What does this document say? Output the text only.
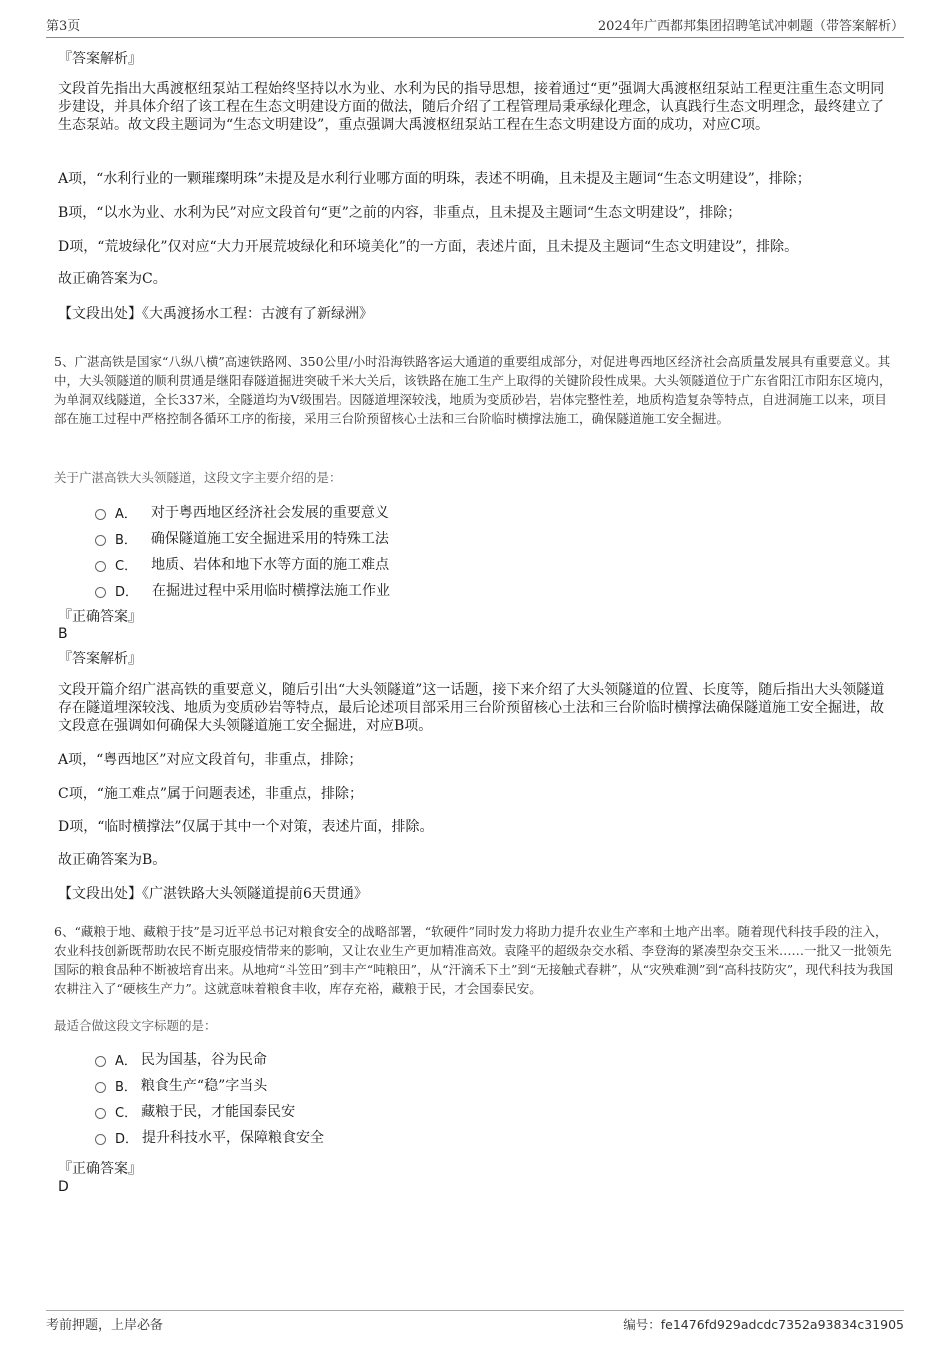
第3页	2024年广西都邦集团招聘笔试冲刺题（带答案解析）
『答案解析』
文段首先指出大禹渡枢纽泵站工程始终坚持以水为业、水利为民的指导思想，接着通过“更”强调大禹渡枢纽泵站工程更注重生态文明同步建设，并具体介绍了该工程在生态文明建设方面的做法，随后介绍了工程管理局秉承绿化理念，认真践行生态文明理念，最终建立了生态泵站。故文段主题词为“生态文明建设”，重点强调大禹渡枢纽泵站工程在生态文明建设方面的成功，对应C项。
A项，“水利行业的一颗璀璨明珠”未提及是水利行业哪方面的明珠，表述不明确，且未提及主题词“生态文明建设”，排除；
B项，“以水为业、水利为民”对应文段首句“更”之前的内容，非重点，且未提及主题词“生态文明建设”，排除；
D项，“荒坡绿化”仅对应“大力开展荒坡绿化和环境美化”的一方面，表述片面，且未提及主题词“生态文明建设”，排除。
故正确答案为C。
【文段出处】《大禹渡扬水工程：古渡有了新绿洲》
5、广湛高铁是国家“八纵八横”高速铁路网、350公里/小时沿海铁路客运大通道的重要组成部分，对促进粤西地区经济社会高质量发展具有重要意义。其中，大头领隧道的顺利贯通是继阳春隧道掘进突破千米大关后，该铁路在施工生产上取得的关键阶段性成果。大头领隧道位于广东省阳江市阳东区境内，为单洞双线隧道，全长337米，全隧道均为V级围岩。因隧道埋深较浅，地质为变质砂岩，岩体完整性差，地质构造复杂等特点，自进洞施工以来，项目部在施工过程中严格控制各循环工序的衔接，采用三台阶预留核心土法和三台阶临时横撑法施工，确保隧道施工安全掘进。
关于广湛高铁大头领隧道，这段文字主要介绍的是：
A． 对于粤西地区经济社会发展的重要意义
B． 确保隧道施工安全掘进采用的特殊工法
C． 地质、岩体和地下水等方面的施工难点
D． 在掘进过程中采用临时横撑法施工作业
『正确答案』
B
『答案解析』
文段开篇介绍广湛高铁的重要意义，随后引出“大头领隧道”这一话题，接下来介绍了大头领隧道的位置、长度等，随后指出大头领隧道存在隧道埋深较浅、地质为变质砂岩等特点，最后论述项目部采用三台阶预留核心土法和三台阶临时横撑法确保隧道施工安全掘进，故文段意在强调如何确保大头领隧道施工安全掘进，对应B项。
A项，“粤西地区”对应文段首句，非重点，排除；
C项，“施工难点”属于问题表述，非重点，排除；
D项，“临时横撑法”仅属于其中一个对策，表述片面，排除。
故正确答案为B。
【文段出处】《广湛铁路大头领隧道提前6天贯通》
6、“藏粮于地、藏粮于技”是习近平总书记对粮食安全的战略部署，“软硬件”同时发力将助力提升农业生产率和土地产出率。随着现代科技手段的注入，农业科技创新既帮助农民不断克服疫情带来的影响，又让农业生产更加精准高效。袁隆平的超级杂交水稻、李登海的紧凑型杂交玉米……一批又一批领先国际的粮食品种不断被培育出来。从地疴“斗笠田”到丰产“吨粮田”，从“汗滴禾下土”到“无接触式春耕”，从“灾殃难测”到“高科技防灾”，现代科技为我国农耕注入了“硬核生产力”。这就意味着粮食丰收，库存充裕，藏粮于民，才会国泰民安。
最适合做这段文字标题的是：
A． 民为国基，谷为民命
B． 粮食生产“稳”字当头
C． 藏粮于民，才能国泰民安
D． 提升科技水平，保障粮食安全
『正确答案』
D
考前押题，上岸必备	编号：fe1476fd929adcdc7352a93834c31905
